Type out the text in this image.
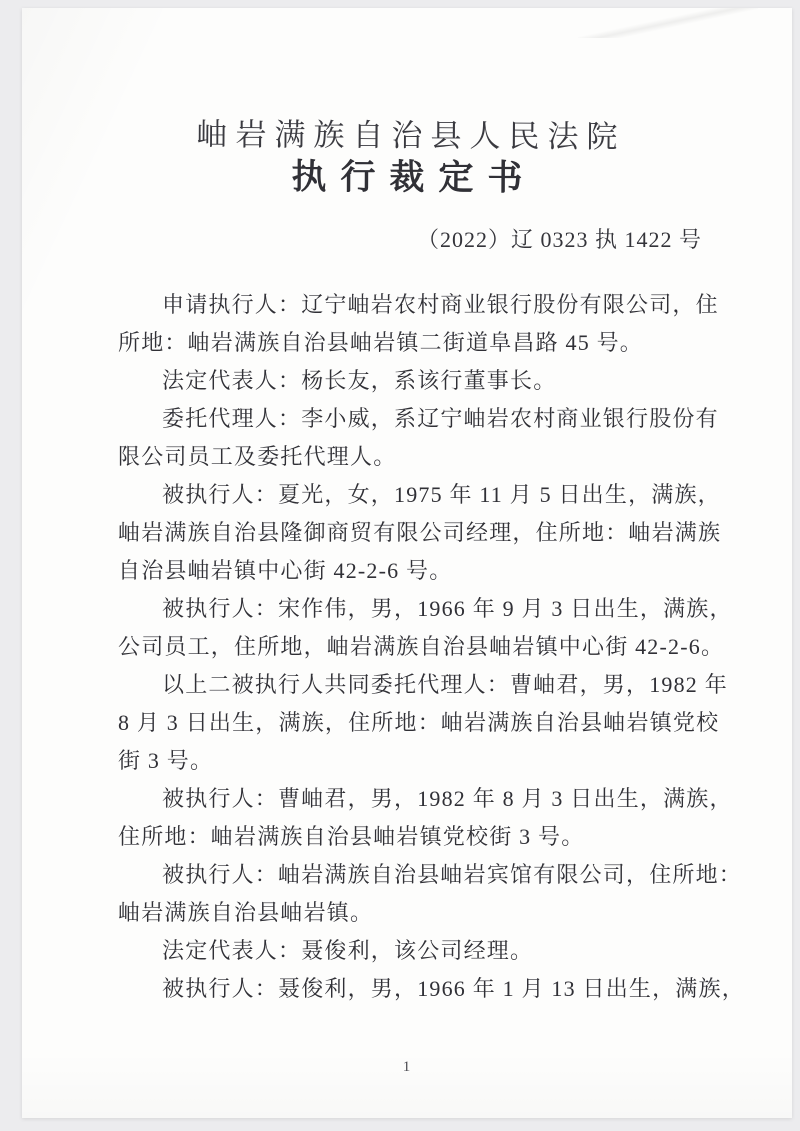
岫岩满族自治县人民法院
执行裁定书
（2022）辽 0323 执 1422 号

申请执行人：辽宁岫岩农村商业银行股份有限公司，住
所地：岫岩满族自治县岫岩镇二街道阜昌路 45 号。

法定代表人：杨长友，系该行董事长。

委托代理人：李小威，系辽宁岫岩农村商业银行股份有
限公司员工及委托代理人。

被执行人：夏光，女，1975 年 11 月 5 日出生，满族，
岫岩满族自治县隆御商贸有限公司经理，住所地：岫岩满族
自治县岫岩镇中心街 42-2-6 号。

被执行人：宋作伟，男，1966 年 9 月 3 日出生，满族，
公司员工，住所地，岫岩满族自治县岫岩镇中心街 42-2-6。

以上二被执行人共同委托代理人：曹岫君，男，1982 年
8 月 3 日出生，满族，住所地：岫岩满族自治县岫岩镇党校
街 3 号。

被执行人：曹岫君，男，1982 年 8 月 3 日出生，满族，
住所地：岫岩满族自治县岫岩镇党校街 3 号。

被执行人：岫岩满族自治县岫岩宾馆有限公司，住所地：
岫岩满族自治县岫岩镇。

法定代表人：聂俊利，该公司经理。

被执行人：聂俊利，男，1966 年 1 月 13 日出生，满族，

1
